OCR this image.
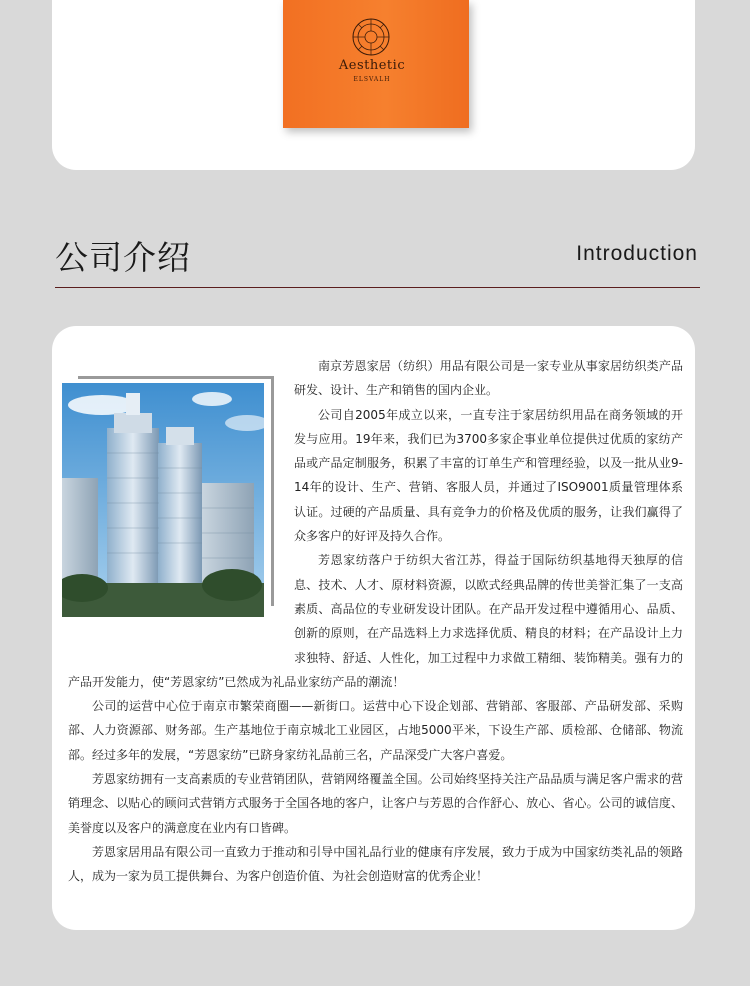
Aesthetic
ELSVALH
公司介绍	Introduction

南京芳恩家居（纺织）用品有限公司是一家专业从事家居纺织类产品研发、设计、生产和销售的国内企业。

公司自2005年成立以来，一直专注于家居纺织用品在商务领域的开发与应用。19年来，我们已为3700多家企事业单位提供过优质的家纺产品或产品定制服务，积累了丰富的订单生产和管理经验，以及一批从业9-14年的设计、生产、营销、客服人员，并通过了ISO9001质量管理体系认证。过硬的产品质量、具有竞争力的价格及优质的服务，让我们赢得了众多客户的好评及持久合作。

芳恩家纺落户于纺织大省江苏，得益于国际纺织基地得天独厚的信息、技术、人才、原材料资源，以欧式经典品牌的传世美誉汇集了一支高素质、高品位的专业研发设计团队。在产品开发过程中遵循用心、品质、创新的原则，在产品选料上力求选择优质、精良的材料；在产品设计上力求独特、舒适、人性化，加工过程中力求做工精细、装饰精美。强有力的产品开发能力，使“芳恩家纺”已然成为礼品业家纺产品的潮流！

公司的运营中心位于南京市繁荣商圈——新街口。运营中心下设企划部、营销部、客服部、产品研发部、采购部、人力资源部、财务部。生产基地位于南京城北工业园区，占地5000平米，下设生产部、质检部、仓储部、物流部。经过多年的发展，“芳恩家纺”已跻身家纺礼品前三名，产品深受广大客户喜爱。

芳恩家纺拥有一支高素质的专业营销团队，营销网络覆盖全国。公司始终坚持关注产品品质与满足客户需求的营销理念、以贴心的顾问式营销方式服务于全国各地的客户，让客户与芳恩的合作舒心、放心、省心。公司的诚信度、美誉度以及客户的满意度在业内有口皆碑。

芳恩家居用品有限公司一直致力于推动和引导中国礼品行业的健康有序发展，致力于成为中国家纺类礼品的领路人，成为一家为员工提供舞台、为客户创造价值、为社会创造财富的优秀企业！
